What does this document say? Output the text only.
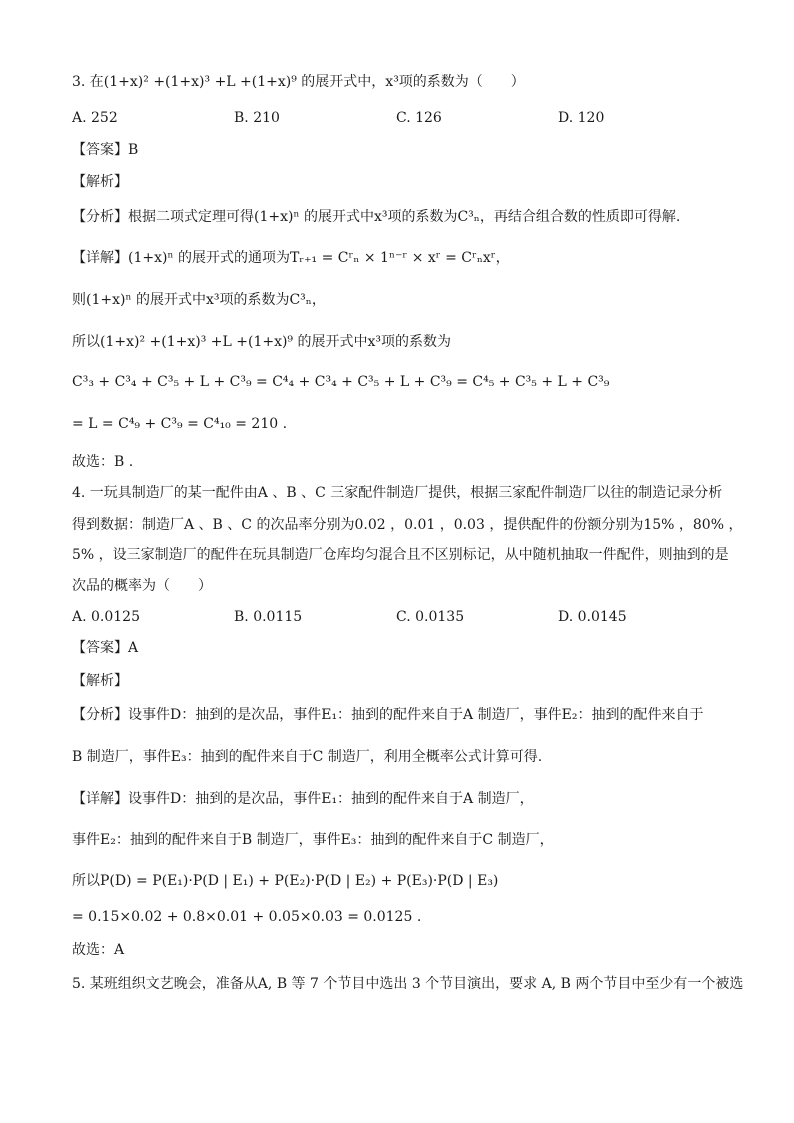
3. 在(1+x)² +(1+x)³ +L +(1+x)⁹ 的展开式中，x³项的系数为（　　）
A. 252	B. 210	C. 126	D. 120
【答案】B
【解析】
【分析】根据二项式定理可得(1+x)ⁿ 的展开式中x³项的系数为C³ₙ，再结合组合数的性质即可得解.
【详解】(1+x)ⁿ 的展开式的通项为Tᵣ₊₁ = Cʳₙ × 1ⁿ⁻ʳ × xʳ = Cʳₙxʳ，
则(1+x)ⁿ 的展开式中x³项的系数为C³ₙ，
所以(1+x)² +(1+x)³ +L +(1+x)⁹ 的展开式中x³项的系数为
C³₃ + C³₄ + C³₅ + L + C³₉ = C⁴₄ + C³₄ + C³₅ + L + C³₉ = C⁴₅ + C³₅ + L + C³₉
= L = C⁴₉ + C³₉ = C⁴₁₀ = 210 .
故选：B .
4. 一玩具制造厂的某一配件由A 、B 、C 三家配件制造厂提供，根据三家配件制造厂以往的制造记录分析
得到数据：制造厂A 、B 、C 的次品率分别为0.02 ，0.01 ，0.03 ，提供配件的份额分别为15% ，80% ，
5% ，设三家制造厂的配件在玩具制造厂仓库均匀混合且不区别标记，从中随机抽取一件配件，则抽到的是
次品的概率为（　　）
A. 0.0125	B. 0.0115	C. 0.0135	D. 0.0145
【答案】A
【解析】
【分析】设事件D：抽到的是次品，事件E₁：抽到的配件来自于A 制造厂，事件E₂：抽到的配件来自于
B 制造厂，事件E₃：抽到的配件来自于C 制造厂，利用全概率公式计算可得.
【详解】设事件D：抽到的是次品，事件E₁：抽到的配件来自于A 制造厂，
事件E₂：抽到的配件来自于B 制造厂，事件E₃：抽到的配件来自于C 制造厂，
所以P(D) = P(E₁)·P(D | E₁) + P(E₂)·P(D | E₂) + P(E₃)·P(D | E₃)
= 0.15×0.02 + 0.8×0.01 + 0.05×0.03 = 0.0125 .
故选：A
5. 某班组织文艺晚会，准备从A, B 等 7 个节目中选出 3 个节目演出，要求 A, B 两个节目中至少有一个被选
